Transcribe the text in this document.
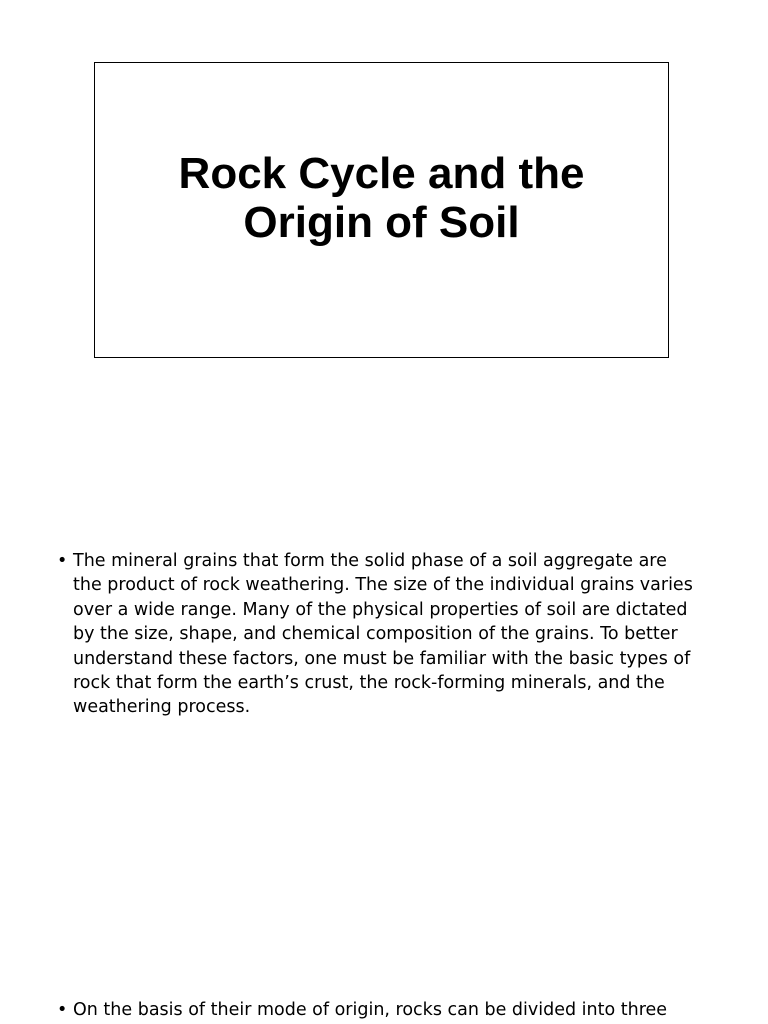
Rock Cycle and the
Origin of Soil
• The mineral grains that form the solid phase of a soil aggregate are
the product of rock weathering. The size of the individual grains varies
over a wide range. Many of the physical properties of soil are dictated
by the size, shape, and chemical composition of the grains. To better
understand these factors, one must be familiar with the basic types of
rock that form the earth’s crust, the rock-forming minerals, and the
weathering process.
• On the basis of their mode of origin, rocks can be divided into three
